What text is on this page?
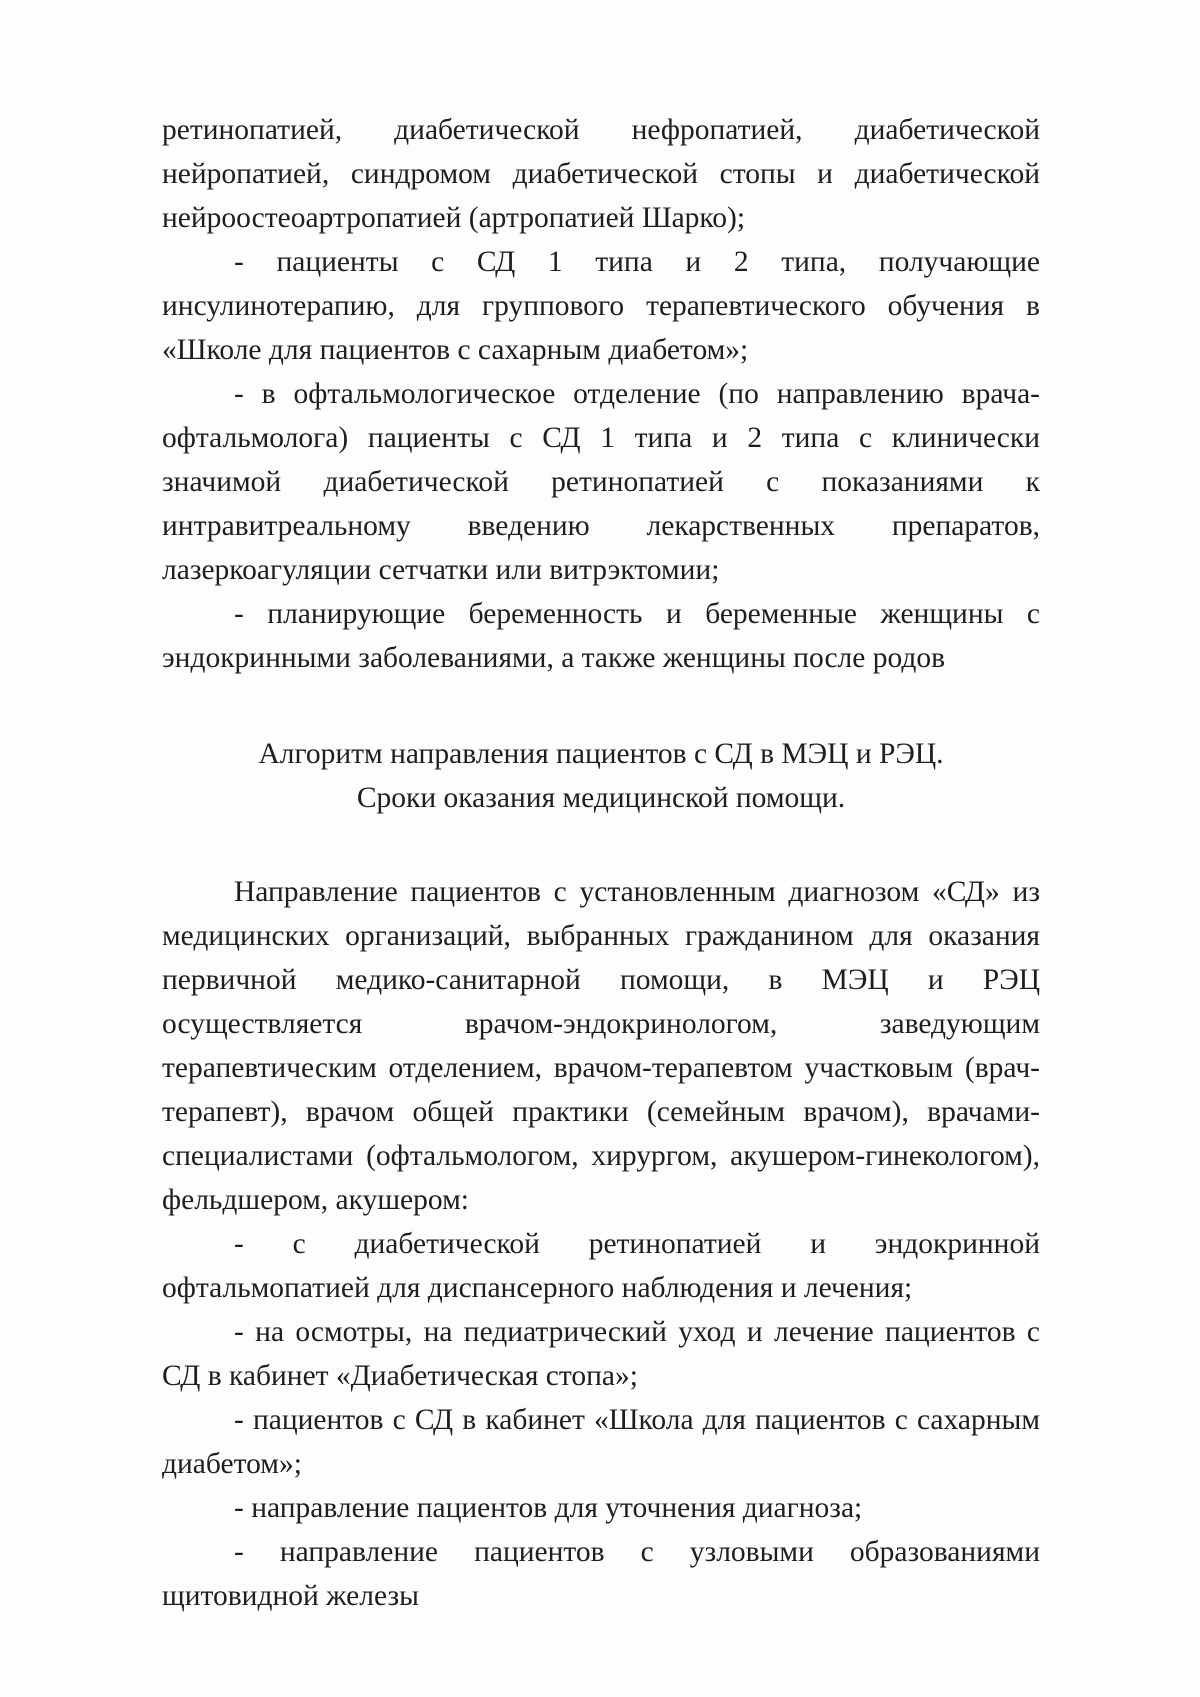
ретинопатией, диабетической нефропатией, диабетической нейропатией, синдромом диабетической стопы и диабетической нейроостеоартропатией (артропатией Шарко);

- пациенты с СД 1 типа и 2 типа, получающие инсулинотерапию, для группового терапевтического обучения в «Школе для пациентов с сахарным диабетом»;

- в офтальмологическое отделение (по направлению врача-офтальмолога) пациенты с СД 1 типа и 2 типа с клинически значимой диабетической ретинопатией с показаниями к интравитреальному введению лекарственных препаратов, лазеркоагуляции сетчатки или витрэктомии;

- планирующие беременность и беременные женщины с эндокринными заболеваниями, а также женщины после родов

Алгоритм направления пациентов с СД в МЭЦ и РЭЦ.

Сроки оказания медицинской помощи.

Направление пациентов с установленным диагнозом «СД» из медицинских организаций, выбранных гражданином для оказания первичной медико-санитарной помощи, в МЭЦ и РЭЦ осуществляется врачом-эндокринологом, заведующим терапевтическим отделением, врачом-терапевтом участковым (врач-терапевт), врачом общей практики (семейным врачом), врачами-специалистами (офтальмологом, хирургом, акушером-гинекологом), фельдшером, акушером:

- с диабетической ретинопатией и эндокринной офтальмопатией для диспансерного наблюдения и лечения;

- на осмотры, на педиатрический уход и лечение пациентов с СД в кабинет «Диабетическая стопа»;

- пациентов с СД в кабинет «Школа для пациентов с сахарным диабетом»;

- направление пациентов для уточнения диагноза;

- направление пациентов с узловыми образованиями щитовидной железы
